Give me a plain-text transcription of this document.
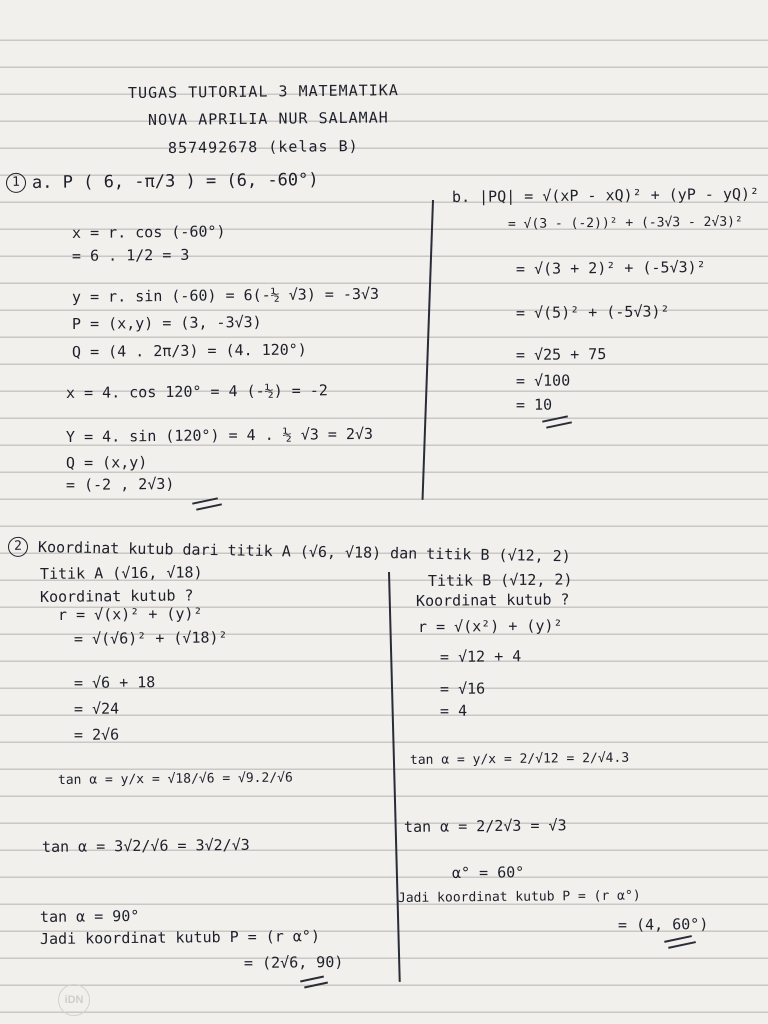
TUGAS TUTORIAL 3 MATEMATIKA
NOVA APRILIA NUR SALAMAH
857492678 (kelas B)
1 a. P ( 6, -π/3 ) = (6, -60°)
x = r. cos (-60°)
= 6 . 1/2 = 3
y = r. sin (-60) = 6(-½ √3) = -3√3
P = (x,y) = (3, -3√3)
Q = (4 . 2π/3) = (4. 120°)
x = 4. cos 120° = 4 (-½) = -2
Y = 4. sin (120°) = 4 . ½ √3 = 2√3
Q = (x,y)
= (-2 , 2√3)
b. |PQ| = √(xP - xQ)² + (yP - yQ)²
= √(3 - (-2))² + (-3√3 - 2√3)²
= √(3 + 2)² + (-5√3)²
= √(5)² + (-5√3)²
= √25 + 75
= √100
= 10
2	Koordinat kutub dari titik A (√6, √18) dan titik B (√12, 2)
Titik A (√16, √18)
Koordinat kutub ?
r = √(x)² + (y)²
= √(√6)² + (√18)²
= √6 + 18
= √24
= 2√6
tan α = y/x = √18/√6 = √9.2/√6
tan α = 3√2/√6 = 3√2/√3
tan α = 90°
Jadi koordinat kutub P = (r α°)
= (2√6, 90)
Titik B (√12, 2)
Koordinat kutub ?
r = √(x²) + (y)²
= √12 + 4
= √16
= 4
tan α = y/x = 2/√12 = 2/√4.3
tan α = 2/2√3 = √3
α° = 60°
Jadi koordinat kutub P = (r α°)
= (4, 60°)
iDN
